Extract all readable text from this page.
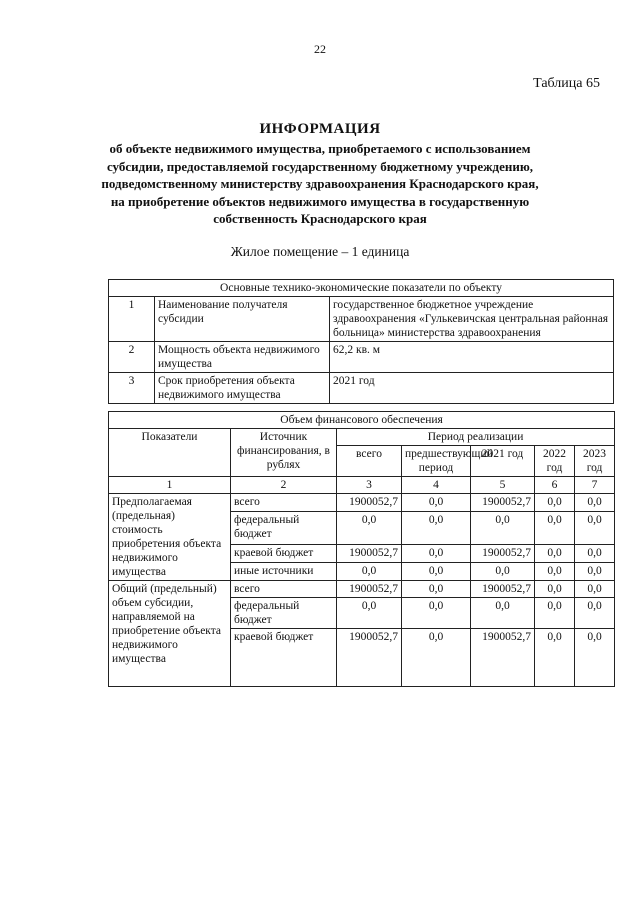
22
Таблица 65
ИНФОРМАЦИЯ
об объекте недвижимого имущества, приобретаемого с использованием
субсидии, предоставляемой государственному бюджетному учреждению,
подведомственному министерству здравоохранения Краснодарского края,
на приобретение объектов недвижимого имущества в государственную
собственность Краснодарского края
Жилое помещение – 1 единица
Основные технико-экономические показатели по объекту		
1	Наименование получателя субсидии	государственное бюджетное учреждение здравоохранения «Гулькевичская центральная районная больница» министерства здравоохранения
2	Мощность объекта недвижимого имущества	62,2 кв. м
3	Срок приобретения объекта недвижимого имущества	2021 год
Объем финансового обеспечения						
Показатели	Источник финансирования, в рублях	Период реализации				
		всего	предшествующий период	2021 год	2022 год	2023 год
1	2	3	4	5	6	7
Предполагаемая (предельная) стоимость приобретения объекта недвижимого имущества	всего	1900052,7	0,0	1900052,7	0,0	0,0
	федеральный бюджет	0,0	0,0	0,0	0,0	0,0
	краевой бюджет	1900052,7	0,0	1900052,7	0,0	0,0
	иные источники	0,0	0,0	0,0	0,0	0,0
Общий (предельный) объем субсидии, направляемой на приобретение объекта недвижимого имущества	всего	1900052,7	0,0	1900052,7	0,0	0,0
	федеральный бюджет	0,0	0,0	0,0	0,0	0,0
	краевой бюджет	1900052,7	0,0	1900052,7	0,0	0,0
